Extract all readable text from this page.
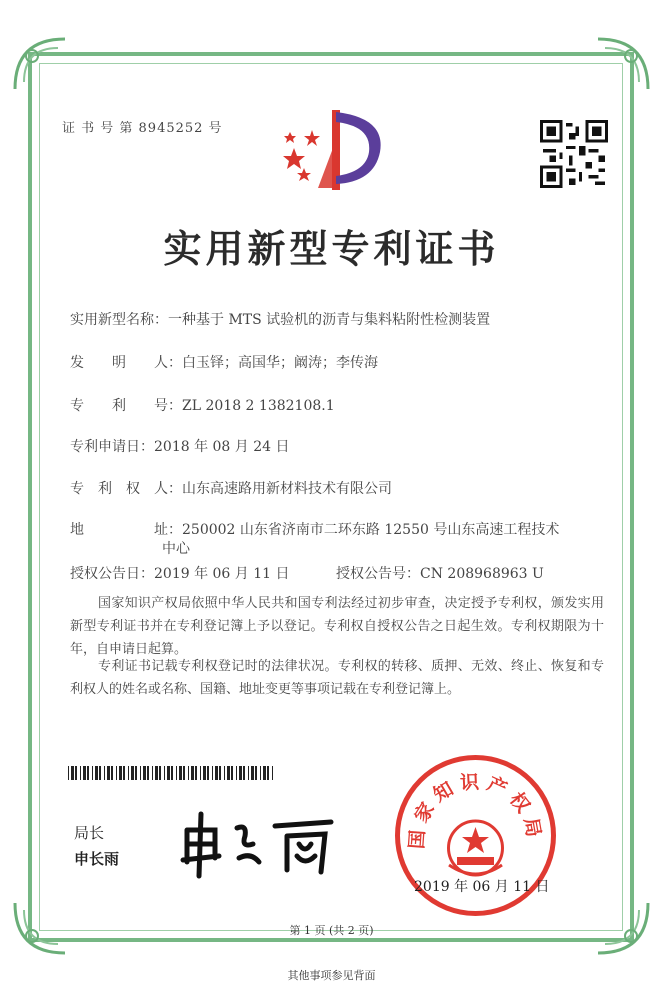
证 书 号 第 8945252 号
实用新型专利证书
实用新型名称：一种基于 MTS 试验机的沥青与集料粘附性检测装置
发　　明　　人：白玉铎；高国华；阚涛；李传海
专　　利　　号：ZL 2018 2 1382108.1
专利申请日：2018 年 08 月 24 日
专　利　权　人：山东高速路用新材料技术有限公司
地　　　　　址：250002 山东省济南市二环东路 12550 号山东高速工程技术
中心
授权公告日：2019 年 06 月 11 日	授权公告号：CN 208968963 U
国家知识产权局依照中华人民共和国专利法经过初步审查，决定授予专利权，颁发实用新型专利证书并在专利登记簿上予以登记。专利权自授权公告之日起生效。专利权期限为十年，自申请日起算。
专利证书记载专利权登记时的法律状况。专利权的转移、质押、无效、终止、恢复和专利权人的姓名或名称、国籍、地址变更等事项记载在专利登记簿上。
局长
申长雨
国家知识产权局
2019 年 06 月 11 日
第 1 页 (共 2 页)
其他事项参见背面
